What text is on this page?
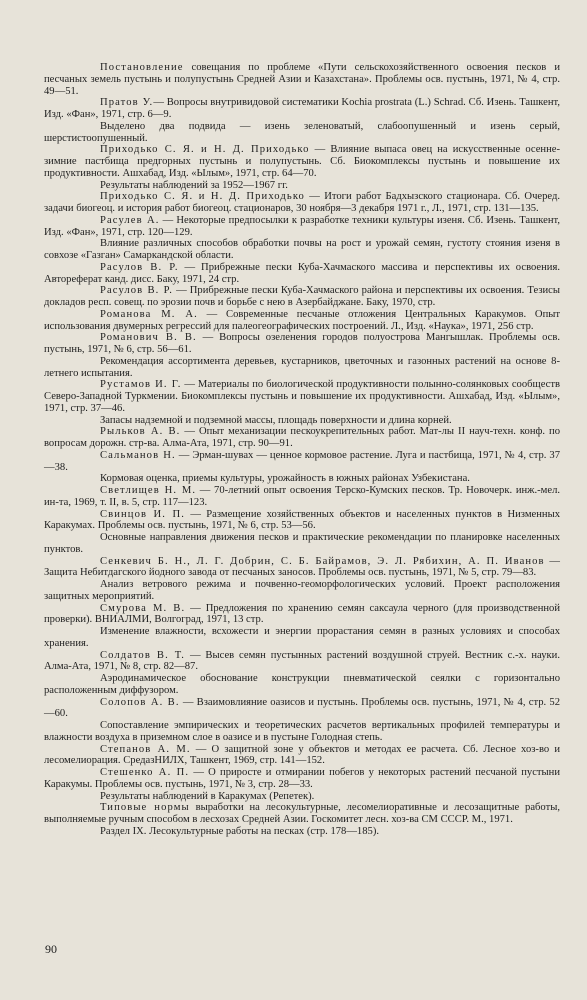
Постановление совещания по проблеме «Пути сельскохозяйственного освоения песков и песчаных земель пустынь и полупустынь Средней Азии и Казахстана». Проблемы осв. пустынь, 1971, № 4, стр. 49—51.

Пратов У.— Вопросы внутривидовой систематики Kochia prostrata (L.) Schrad. Сб. Изень. Ташкент, Изд. «Фан», 1971, стр. 6—9.

Выделено два подвида — изень зеленоватый, слабоопушенный и изень серый, шерстистоопушенный.

Приходько С. Я. и Н. Д. Приходько — Влияние выпаса овец на искусственные осенне-зимние пастбища предгорных пустынь и полупустынь. Сб. Биокомплексы пустынь и повышение их продуктивности. Ашхабад, Изд. «Ылым», 1971, стр. 64—70.

Результаты наблюдений за 1952—1967 гг.

Приходько С. Я. и Н. Д. Приходько — Итоги работ Бадхызского стационара. Сб. Очеред. задачи биогеоц. и история работ биогеоц. стационаров, 30 ноября—3 декабря 1971 г., Л., 1971, стр. 131—135.

Расулев А. — Некоторые предпосылки к разработке техники культуры изеня. Сб. Изень. Ташкент, Изд. «Фан», 1971, стр. 120—129.

Влияние различных способов обработки почвы на рост и урожай семян, густоту стояния изеня в совхозе «Газган» Самаркандской области.

Расулов В. Р. — Прибрежные пески Куба-Хачмаского массива и перспективы их освоения. Автореферат канд. дисс. Баку, 1971, 24 стр.

Расулов В. Р. — Прибрежные пески Куба-Хачмаского района и перспективы их освоения. Тезисы докладов респ. совещ. по эрозии почв и борьбе с нею в Азербайджане. Баку, 1970, стр.

Романова М. А. — Современные песчаные отложения Центральных Каракумов. Опыт использования двумерных регрессий для палеогеографических построений. Л., Изд. «Наука», 1971, 256 стр.

Романович В. В. — Вопросы озеленения городов полуострова Мангышлак. Проблемы осв. пустынь, 1971, № 6, стр. 56—61.

Рекомендация ассортимента деревьев, кустарников, цветочных и газонных растений на основе 8-летнего испытания.

Рустамов И. Г. — Материалы по биологической продуктивности полынно-солянковых сообществ Северо-Западной Туркмении. Биокомплексы пустынь и повышение их продуктивности. Ашхабад, Изд. «Ылым», 1971, стр. 37—46.

Запасы надземной и подземной массы, площадь поверхности и длина корней.

Рыльков А. В. — Опыт механизации пескоукрепительных работ. Мат-лы II науч-техн. конф. по вопросам дорожн. стр-ва. Алма-Ата, 1971, стр. 90—91.

Сальманов Н. — Эрман-шувах — ценное кормовое растение. Луга и пастбища, 1971, № 4, стр. 37—38.

Кормовая оценка, приемы культуры, урожайность в южных районах Узбекистана.

Светлищев Н. М. — 70-летний опыт освоения Терско-Кумских песков. Тр. Новочерк. инж.-мел. ин-та, 1969, т. II, в. 5, стр. 117—123.

Свинцов И. П. — Размещение хозяйственных объектов и населенных пунктов в Низменных Каракумах. Проблемы осв. пустынь, 1971, № 6, стр. 53—56.

Основные направления движения песков и практические рекомендации по планировке населенных пунктов.

Сенкевич Б. Н., Л. Г. Добрин, С. Б. Байрамов, Э. Л. Рябихин, А. П. Иванов — Защита Небитдагского йодного завода от песчаных заносов. Проблемы осв. пустынь, 1971, № 5, стр. 79—83.

Анализ ветрового режима и почвенно-геоморфологических условий. Проект расположения защитных мероприятий.

Смурова М. В. — Предложения по хранению семян саксаула черного (для производственной проверки). ВНИАЛМИ, Волгоград, 1971, 13 стр.

Изменение влажности, всхожести и энергии прорастания семян в разных условиях и способах хранения.

Солдатов В. Т. — Высев семян пустынных растений воздушной струей. Вестник с.-х. науки. Алма-Ата, 1971, № 8, стр. 82—87.

Аэродинамическое обоснование конструкции пневматической сеялки с горизонтально расположенным диффузором.

Солопов А. В. — Взаимовлияние оазисов и пустынь. Проблемы осв. пустынь, 1971, № 4, стр. 52—60.

Сопоставление эмпирических и теоретических расчетов вертикальных профилей температуры и влажности воздуха в приземном слое в оазисе и в пустыне Голодная степь.

Степанов А. М. — О защитной зоне у объектов и методах ее расчета. Сб. Лесное хоз-во и лесомелиорация. СредазНИЛХ, Ташкент, 1969, стр. 141—152.

Стешенко А. П. — О приросте и отмирании побегов у некоторых растений песчаной пустыни Каракумы. Проблемы осв. пустынь, 1971, № 3, стр. 28—33.

Результаты наблюдений в Каракумах (Репетек).

Типовые нормы выработки на лесокультурные, лесомелиоративные и лесозащитные работы, выполняемые ручным способом в лесхозах Средней Азии. Госкомитет лесн. хоз-ва СМ СССР. М., 1971.

Раздел IX. Лесокультурные работы на песках (стр. 178—185).

90
